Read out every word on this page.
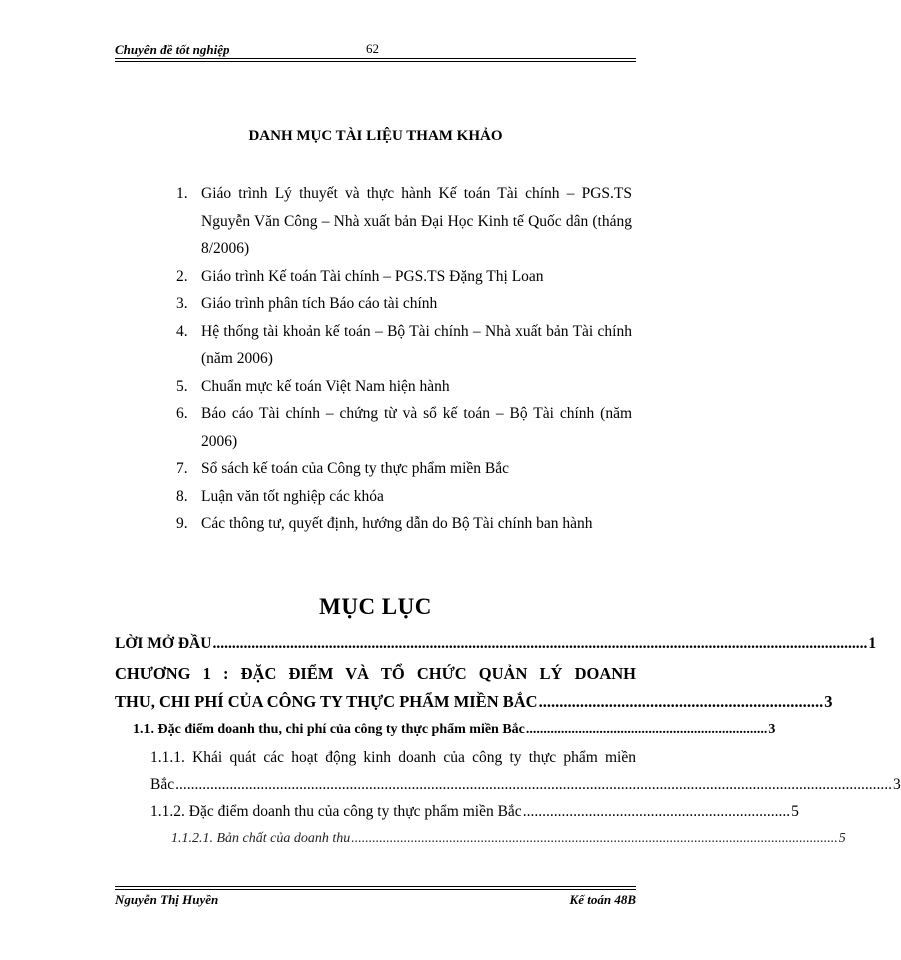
Chuyên đề tốt nghiệp	62
DANH MỤC TÀI LIỆU THAM KHẢO
1. Giáo trình Lý thuyết và thực hành Kế toán Tài chính – PGS.TS Nguyễn Văn Công – Nhà xuất bản Đại Học Kinh tế Quốc dân (tháng 8/2006)
2. Giáo trình Kế toán Tài chính – PGS.TS Đặng Thị Loan
3. Giáo trình phân tích Báo cáo tài chính
4. Hệ thống tài khoản kế toán – Bộ Tài chính – Nhà xuất bản Tài chính (năm 2006)
5. Chuẩn mực kế toán Việt Nam hiện hành
6. Báo cáo Tài chính – chứng từ và sổ kế toán – Bộ Tài chính (năm 2006)
7. Sổ sách kế toán của Công ty thực phẩm miền Bắc
8. Luận văn tốt nghiệp các khóa
9. Các thông tư, quyết định, hướng dẫn do Bộ Tài chính ban hành
MỤC LỤC
LỜI MỞ ĐẦU ......................................................................................................................................................................... 1
CHƯƠNG 1 : ĐẶC ĐIỂM VÀ TỔ CHỨC QUẢN LÝ DOANH
THU, CHI PHÍ CỦA CÔNG TY THỰC PHẨM MIỀN BẮC ..................................................................... 3
1.1. Đặc điểm doanh thu, chi phí của công ty thực phẩm miền Bắc ..................................................................... 3
1.1.1. Khái quát các hoạt động kinh doanh của công ty thực phẩm miền
Bắc ......................................................................................................................................................................................... 3
1.1.2. Đặc điểm doanh thu của công ty thực phẩm miền Bắc ..................................................................... 5
1.1.2.1. Bản chất của doanh thu ........................................................................................................................................... 5
Nguyễn Thị Huyền	Kế toán 48B
